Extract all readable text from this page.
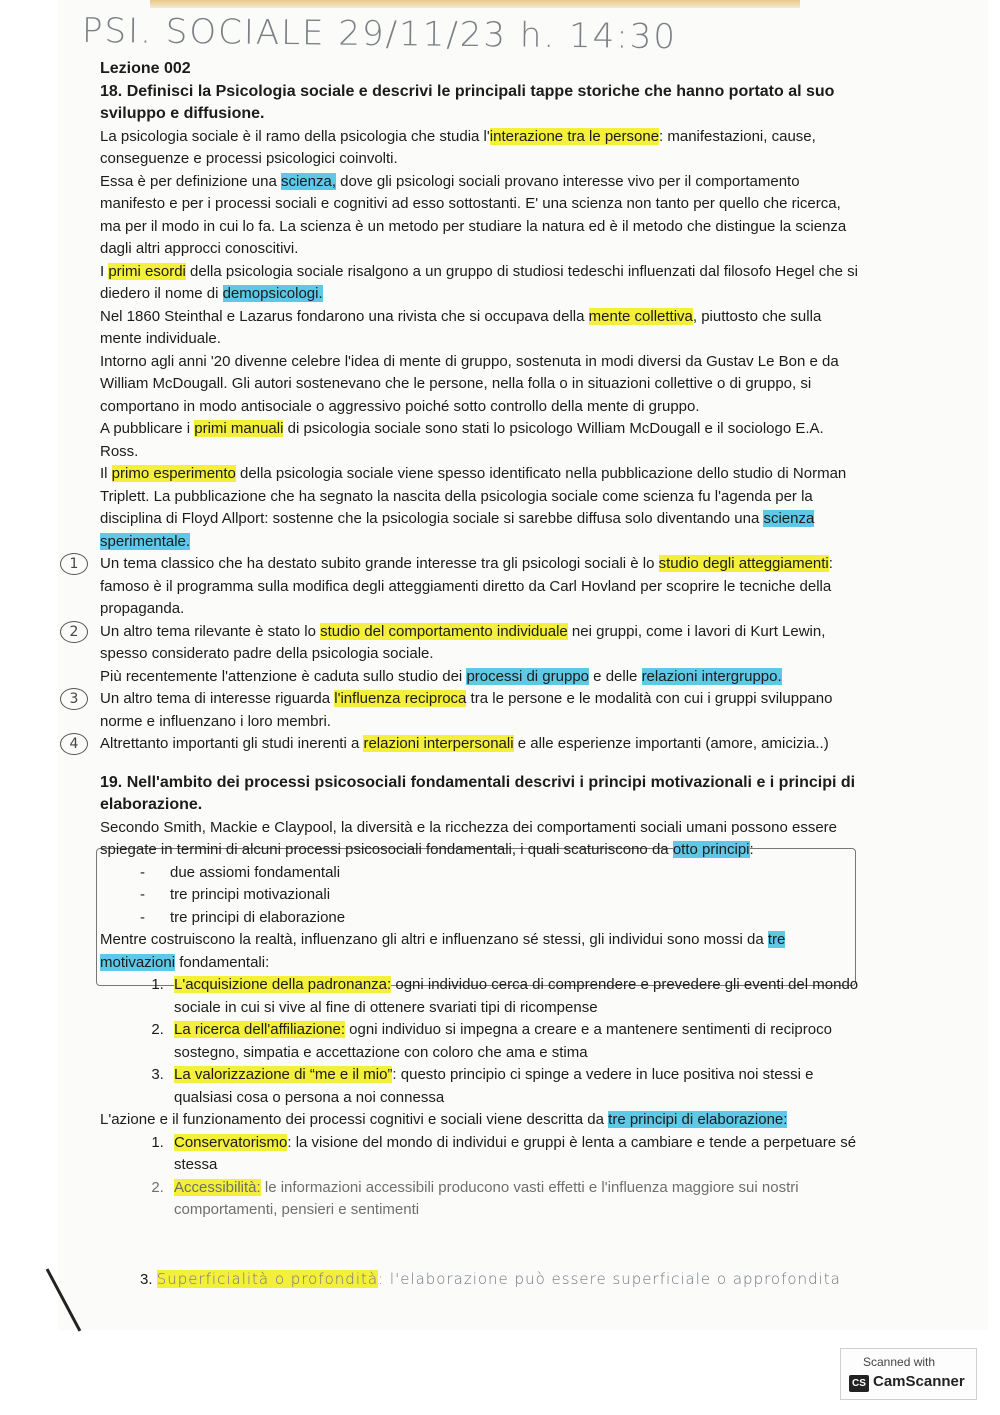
PSI. SOCIALE 29/11/23 h. 14:30

Lezione 002

18. Definisci la Psicologia sociale e descrivi le principali tappe storiche che hanno portato al suo sviluppo e diffusione.

La psicologia sociale è il ramo della psicologia che studia l'interazione tra le persone: manifestazioni, cause, conseguenze e processi psicologici coinvolti.

Essa è per definizione una scienza, dove gli psicologi sociali provano interesse vivo per il comportamento manifesto e per i processi sociali e cognitivi ad esso sottostanti. E' una scienza non tanto per quello che ricerca, ma per il modo in cui lo fa. La scienza è un metodo per studiare la natura ed è il metodo che distingue la scienza dagli altri approcci conoscitivi.

I primi esordi della psicologia sociale risalgono a un gruppo di studiosi tedeschi influenzati dal filosofo Hegel che si diedero il nome di demopsicologi.

Nel 1860 Steinthal e Lazarus fondarono una rivista che si occupava della mente collettiva, piuttosto che sulla mente individuale.

Intorno agli anni '20 divenne celebre l'idea di mente di gruppo, sostenuta in modi diversi da Gustav Le Bon e da William McDougall. Gli autori sostenevano che le persone, nella folla o in situazioni collettive o di gruppo, si comportano in modo antisociale o aggressivo poiché sotto controllo della mente di gruppo.

A pubblicare i primi manuali di psicologia sociale sono stati lo psicologo William McDougall e il sociologo E.A. Ross.

Il primo esperimento della psicologia sociale viene spesso identificato nella pubblicazione dello studio di Norman Triplett. La pubblicazione che ha segnato la nascita della psicologia sociale come scienza fu l'agenda per la disciplina di Floyd Allport: sostenne che la psicologia sociale si sarebbe diffusa solo diventando una scienza sperimentale.

1	Un tema classico che ha destato subito grande interesse tra gli psicologi sociali è lo studio degli atteggiamenti: famoso è il programma sulla modifica degli atteggiamenti diretto da Carl Hovland per scoprire le tecniche della propaganda.

2	Un altro tema rilevante è stato lo studio del comportamento individuale nei gruppi, come i lavori di Kurt Lewin, spesso considerato padre della psicologia sociale.

Più recentemente l'attenzione è caduta sullo studio dei processi di gruppo e delle relazioni intergruppo.

3	Un altro tema di interesse riguarda l'influenza reciproca tra le persone e le modalità con cui i gruppi sviluppano norme e influenzano i loro membri.

4	Altrettanto importanti gli studi inerenti a relazioni interpersonali e alle esperienze importanti (amore, amicizia..)

19. Nell'ambito dei processi psicosociali fondamentali descrivi i principi motivazionali e i principi di elaborazione.

Secondo Smith, Mackie e Claypool, la diversità e la ricchezza dei comportamenti sociali umani possono essere spiegate in termini di alcuni processi psicosociali fondamentali, i quali scaturiscono da otto principi:

- due assiomi fondamentali
- tre principi motivazionali
- tre principi di elaborazione

Mentre costruiscono la realtà, influenzano gli altri e influenzano sé stessi, gli individui sono mossi da tre motivazioni fondamentali:

1. L'acquisizione della padronanza: ogni individuo cerca di comprendere e prevedere gli eventi del mondo sociale in cui si vive al fine di ottenere svariati tipi di ricompense
2. La ricerca dell'affiliazione: ogni individuo si impegna a creare e a mantenere sentimenti di reciproco sostegno, simpatia e accettazione con coloro che ama e stima
3. La valorizzazione di “me e il mio”: questo principio ci spinge a vedere in luce positiva noi stessi e qualsiasi cosa o persona a noi connessa

L'azione e il funzionamento dei processi cognitivi e sociali viene descritta da tre principi di elaborazione:

1. Conservatorismo: la visione del mondo di individui e gruppi è lenta a cambiare e tende a perpetuare sé stessa
2. Accessibilità: le informazioni accessibili producono vasti effetti e l'influenza maggiore sui nostri comportamenti, pensieri e sentimenti
3. Superficialità o profondità: l'elaborazione può essere superficiale o approfondita
Scanned with
CS CamScanner
